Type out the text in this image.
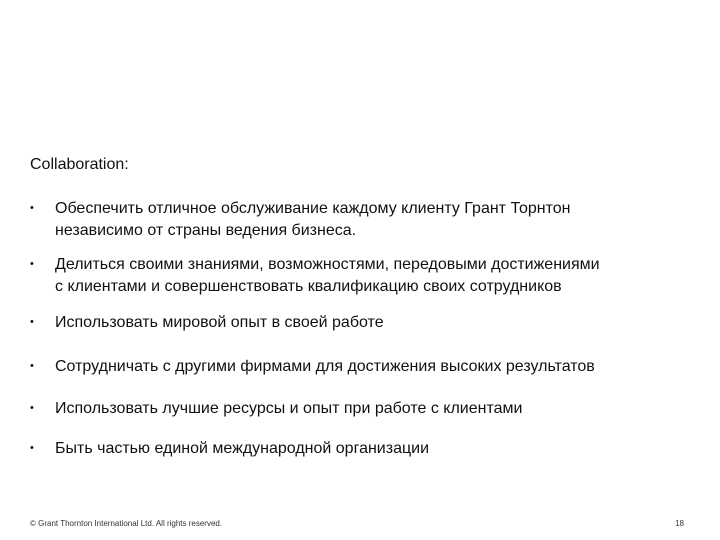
Collaboration:
• Обеспечить отличное обслуживание каждому клиенту Грант Торнтон
независимо от страны ведения бизнеса.
• Делиться своими знаниями, возможностями, передовыми достижениями
с клиентами и совершенствовать квалификацию своих сотрудников
• Использовать мировой опыт в своей работе
• Сотрудничать с другими фирмами для достижения высоких результатов
• Использовать лучшие ресурсы и опыт при работе с клиентами
• Быть частью единой международной организации
© Grant Thornton International Ltd. All rights reserved.	18
